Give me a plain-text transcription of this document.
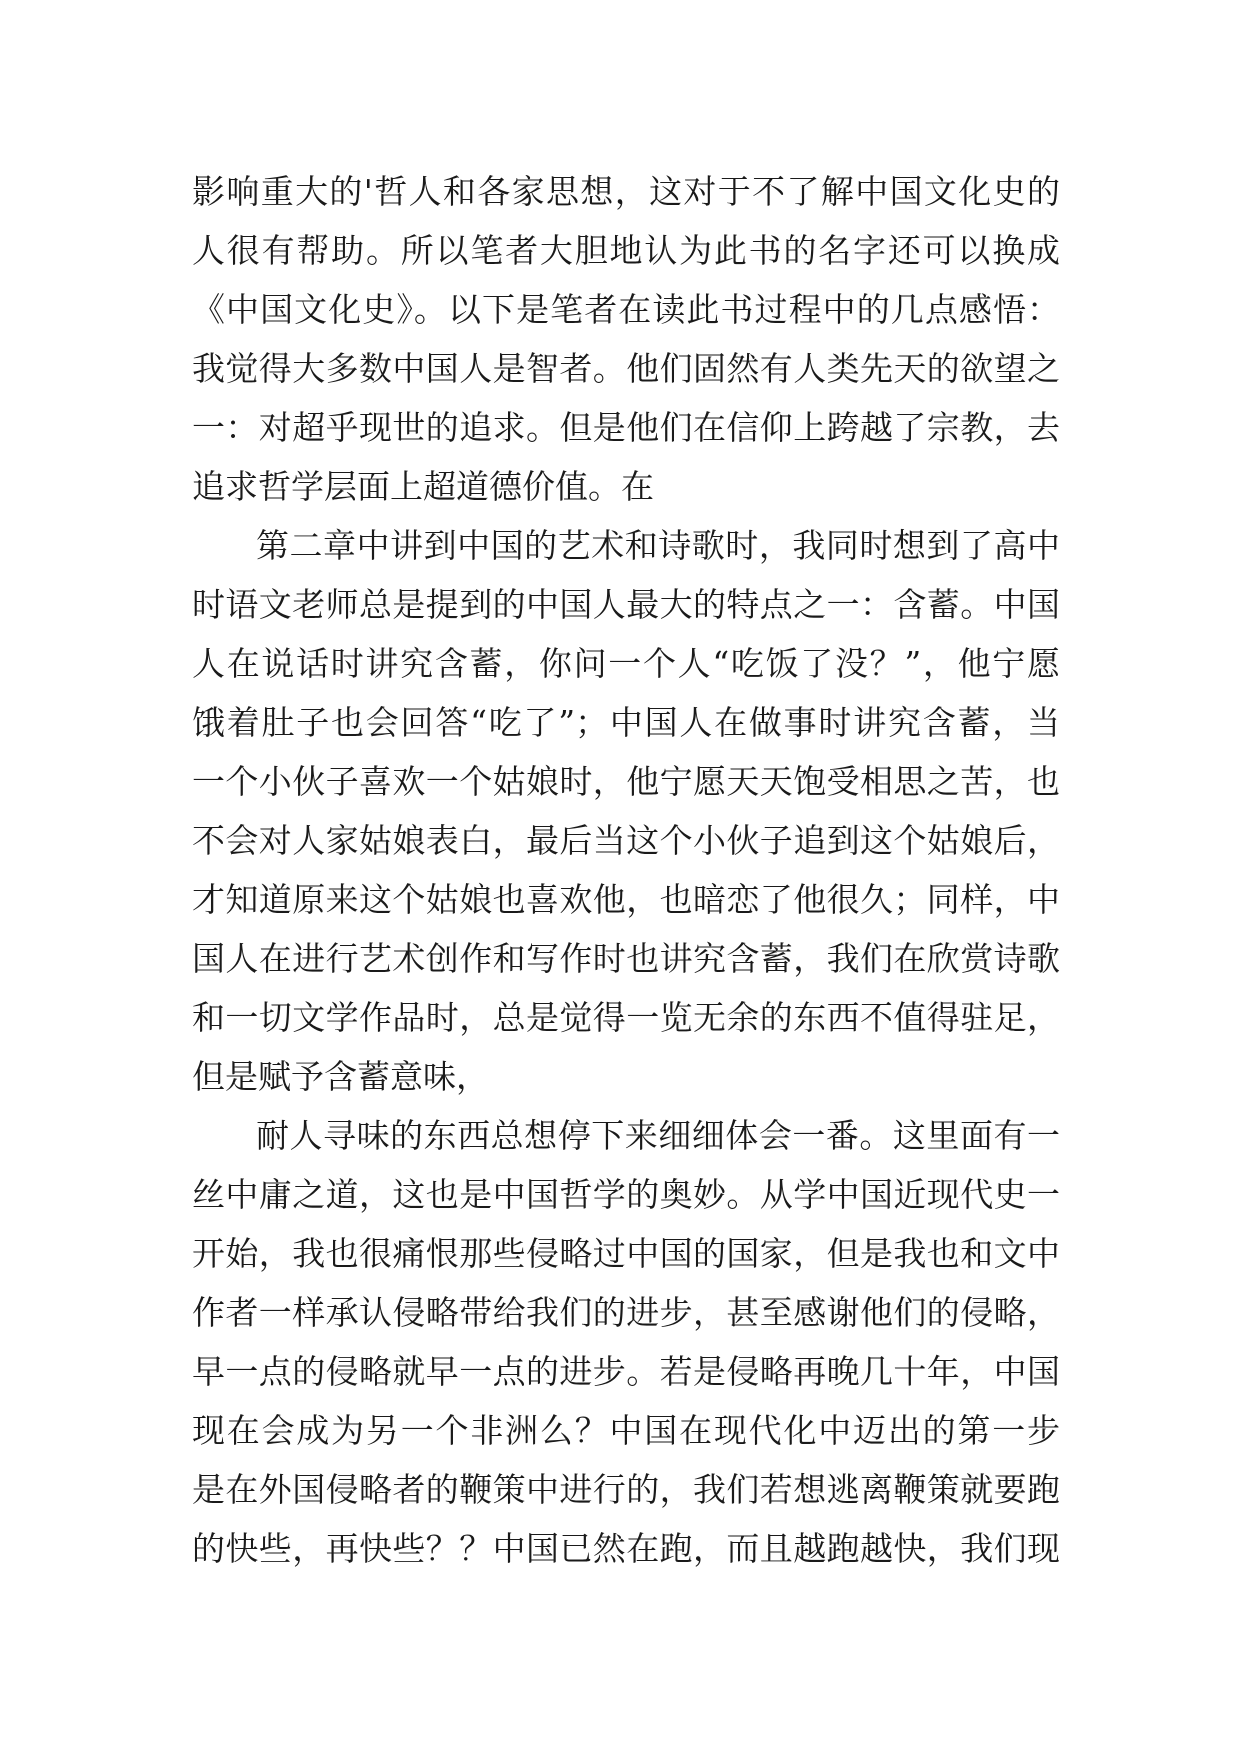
影响重大的'哲人和各家思想，这对于不了解中国文化史的
人很有帮助。所以笔者大胆地认为此书的名字还可以换成
《中国文化史》。以下是笔者在读此书过程中的几点感悟：
我觉得大多数中国人是智者。他们固然有人类先天的欲望之
一：对超乎现世的追求。但是他们在信仰上跨越了宗教，去
追求哲学层面上超道德价值。在
第二章中讲到中国的艺术和诗歌时，我同时想到了高中
时语文老师总是提到的中国人最大的特点之一：含蓄。中国
人在说话时讲究含蓄，你问一个人“吃饭了没？”，他宁愿
饿着肚子也会回答“吃了”；中国人在做事时讲究含蓄，当
一个小伙子喜欢一个姑娘时，他宁愿天天饱受相思之苦，也
不会对人家姑娘表白，最后当这个小伙子追到这个姑娘后，
才知道原来这个姑娘也喜欢他，也暗恋了他很久；同样，中
国人在进行艺术创作和写作时也讲究含蓄，我们在欣赏诗歌
和一切文学作品时，总是觉得一览无余的东西不值得驻足，
但是赋予含蓄意味，
耐人寻味的东西总想停下来细细体会一番。这里面有一
丝中庸之道，这也是中国哲学的奥妙。从学中国近现代史一
开始，我也很痛恨那些侵略过中国的国家，但是我也和文中
作者一样承认侵略带给我们的进步，甚至感谢他们的侵略，
早一点的侵略就早一点的进步。若是侵略再晚几十年，中国
现在会成为另一个非洲么？中国在现代化中迈出的第一步
是在外国侵略者的鞭策中进行的，我们若想逃离鞭策就要跑
的快些，再快些？？中国已然在跑，而且越跑越快，我们现
